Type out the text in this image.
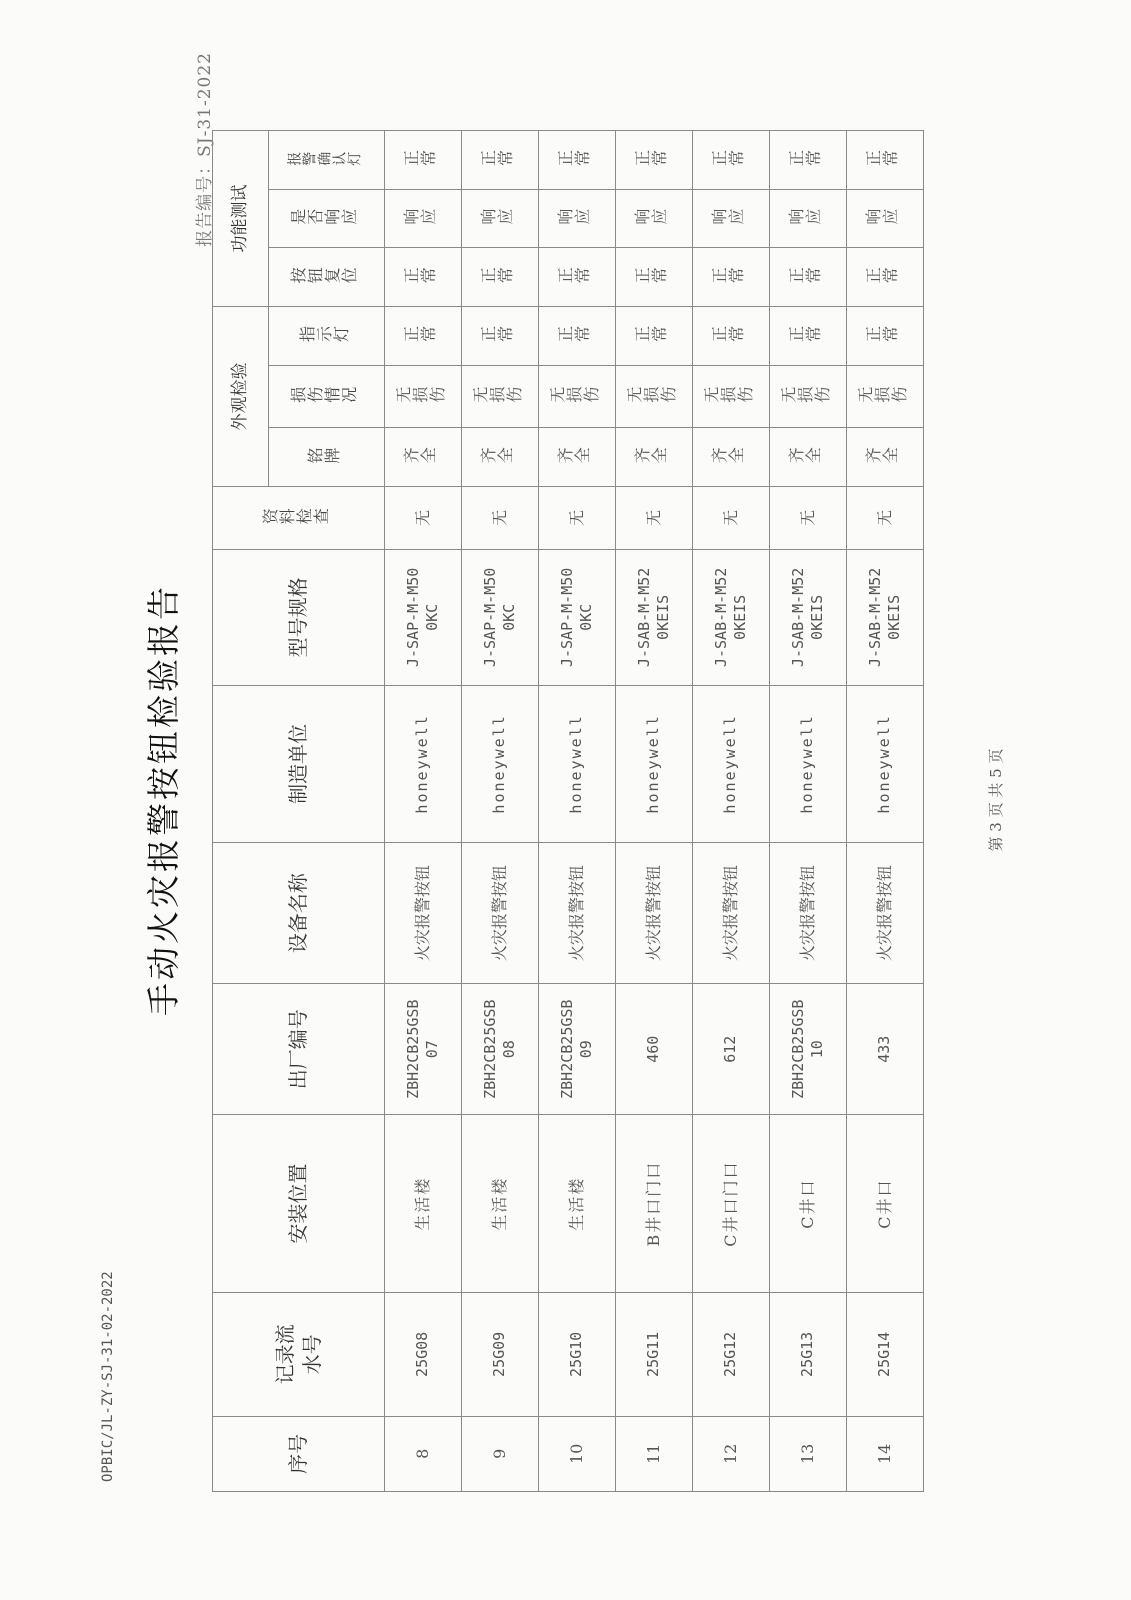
OPBIC/JL-ZY-SJ-31-02-2022
手动火灾报警按钮检验报告
报告编号：SJ-31-2022
序号	记录流水号	安装位置	出厂编号	设备名称	制造单位	型号规格	资料检查	外观检验			功能测试		
								铭牌	损伤情况	指示灯	按钮复位	是否响应	报警确认灯
8	25G08	生活楼	ZBH2CB25GSB07	火灾报警按钮	honeywell	J-SAP-M-M500KC	无	齐全	无损伤	正常	正常	响应	正常
9	25G09	生活楼	ZBH2CB25GSB08	火灾报警按钮	honeywell	J-SAP-M-M500KC	无	齐全	无损伤	正常	正常	响应	正常
10	25G10	生活楼	ZBH2CB25GSB09	火灾报警按钮	honeywell	J-SAP-M-M500KC	无	齐全	无损伤	正常	正常	响应	正常
11	25G11	B井口门口	460	火灾报警按钮	honeywell	J-SAB-M-M520KEIS	无	齐全	无损伤	正常	正常	响应	正常
12	25G12	C井口门口	612	火灾报警按钮	honeywell	J-SAB-M-M520KEIS	无	齐全	无损伤	正常	正常	响应	正常
13	25G13	C井口	ZBH2CB25GSB10	火灾报警按钮	honeywell	J-SAB-M-M520KEIS	无	齐全	无损伤	正常	正常	响应	正常
14	25G14	C井口	433	火灾报警按钮	honeywell	J-SAB-M-M520KEIS	无	齐全	无损伤	正常	正常	响应	正常
第 3 页 共 5 页
